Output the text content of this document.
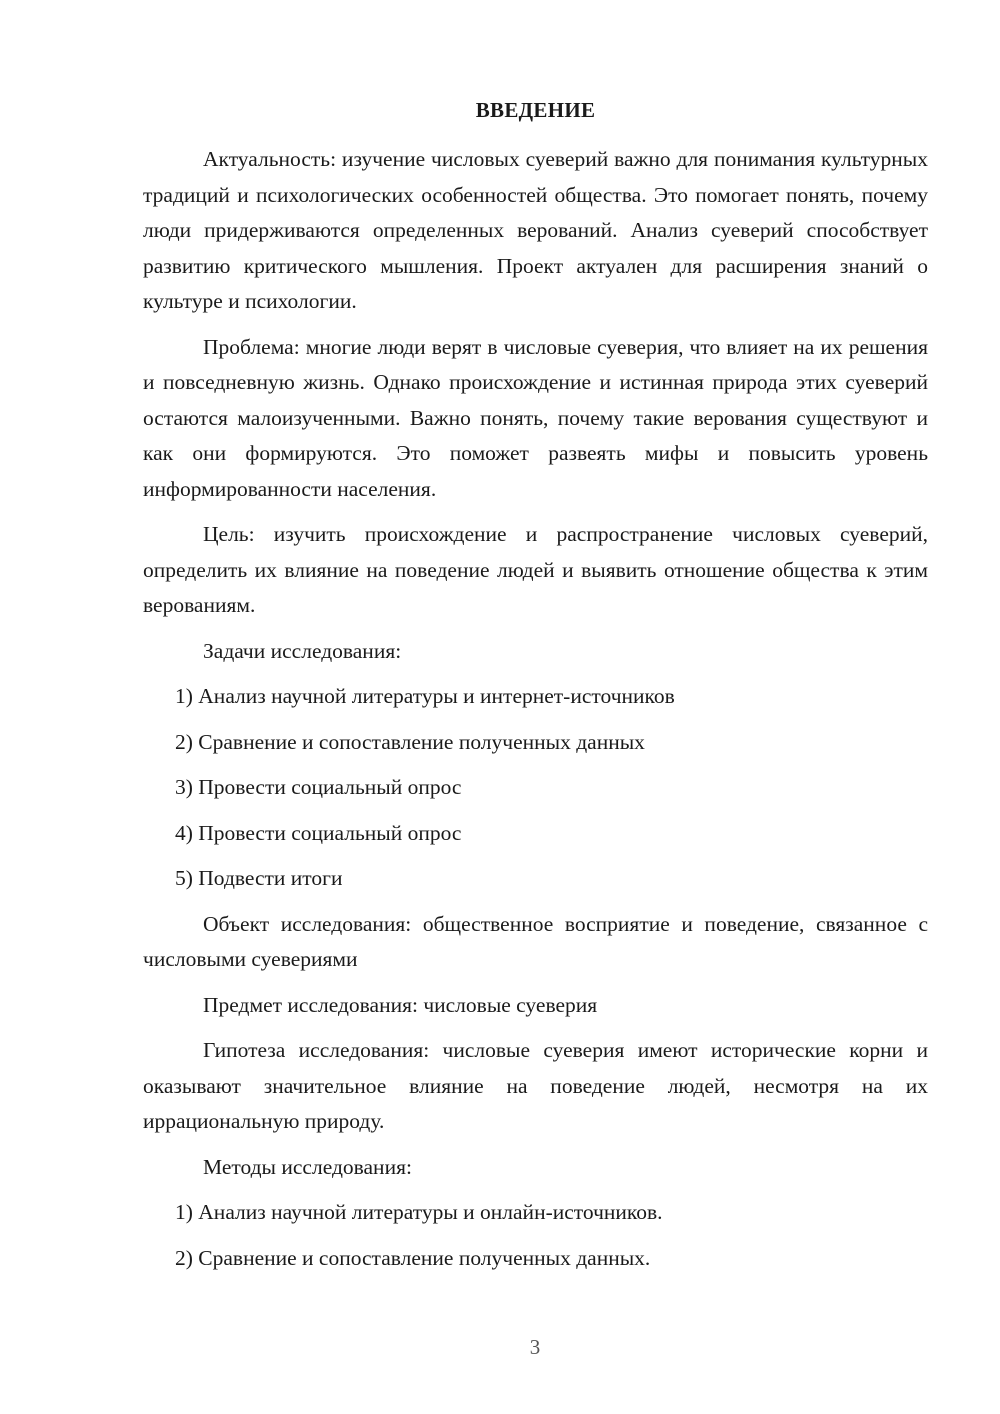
ВВЕДЕНИЕ

Актуальность: изучение числовых суеверий важно для понимания культурных традиций и психологических особенностей общества. Это помогает понять, почему люди придерживаются определенных верований. Анализ суеверий способствует развитию критического мышления. Проект актуален для расширения знаний о культуре и психологии.

Проблема: многие люди верят в числовые суеверия, что влияет на их решения и повседневную жизнь. Однако происхождение и истинная природа этих суеверий остаются малоизученными. Важно понять, почему такие верования существуют и как они формируются. Это поможет развеять мифы и повысить уровень информированности населения.

Цель: изучить происхождение и распространение числовых суеверий, определить их влияние на поведение людей и выявить отношение общества к этим верованиям.

Задачи исследования:

1) Анализ научной литературы и интернет-источников

2) Сравнение и сопоставление полученных данных

3) Провести социальный опрос

4) Провести социальный опрос

5) Подвести итоги

Объект исследования: общественное восприятие и поведение, связанное с числовыми суевериями

Предмет исследования: числовые суеверия

Гипотеза исследования: числовые суеверия имеют исторические корни и оказывают значительное влияние на поведение людей, несмотря на их иррациональную природу.

Методы исследования:

1) Анализ научной литературы и онлайн-источников.

2) Сравнение и сопоставление полученных данных.

3
